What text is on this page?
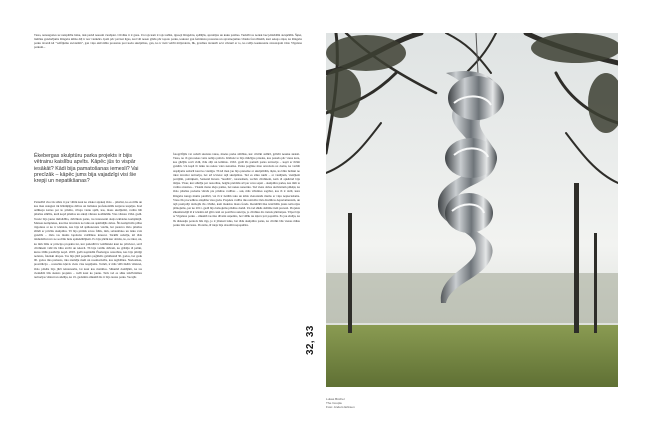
Tiesa, nenaugoties uz neizpētītu laiku, tiek parkā neesam viesāpiet. Cilvēku ir ir gana. Un tajs kam ir tajs tasīšai, ignoejt Ringebiu, spēlējās, aprunājas un kuku paldies. Turkšīt tas notiek bez jebkādām aizspēlēm. Šķiet, liešiāsu gandarījums Ringeba kūma dēļ ir nav vienkārs. Ipaši pēc pavisai ilgas, kad vēl nesen gāzās pār topolo parku, ieskatot gan feministu protestus un apvainojumus vīriešu favorītismā, kuri sekoja ziņai, ka Ringeba parku izveidi kā "velfājumu sievietēm", gan viņu aktivitāšu protestus pret kodu skulptūras, gan, ka ir tieši veltīti miljarderis, līk, grasīties izrakstīt sevi vēsturē ar to, ka radīja konkurentu slavenajam Oslo Vīgelana parkam...

Ēkebergas skulptūru parka projekts ir bijis vētrainu kaislību apvīts. Kāpēc jūs to vispār iesākāt? Kādi bija pamatošanas iemesli? Vai precīzāk – kāpēc jums bija vajadzīgi visi šie krepji un nepatikšanas?

Patiesībā visa šis stāsts ir par vēlmi kaut ko sāskot atpakaļ Oslo – pilsētai, ko es mīlu un kas man sniegusi tik brīnišķīgas dzīves un lieliskas profesionālās karjeras iespējas. Kad uzlūkoju kartes par šo pilsētu, vēroju vienu spēli, kas, mans skatījumā, varētu būt pilsētas stūrītis, kurā kopā pilsētas un atkaļi vēsture nozīmētāk. Visa vēsture 1964. gadā. Toreiz bija jauna mērsādība, dzīvākais parks, tas interesanti skaļa izklaides kompānijā. Mansas komplekss, kas tika izveidots no laika un apkārtējās dabas. Šīs komplicēts plāna tirgošana ar ko ir izklaide, kas bija kā spēkoiesters vairāk, bet pieteica Oslo pilsētas zīmēt ar privātu skulptūru. Tā bija pirmās savas frāžu, mēs, sabiedrisko un laika vaiz gandrīz – Oslo tas mums lapdrošu vairītākas interesi. Turklāt redzēju, kā tāda izkliedrētai nav ne sociālu lietu apmeklētājiem. Es bija pārāk kur dzirdu, šo, ne tikai, un, ka mēs būtu ar principa projektu tur, kur patiesībā ir iemītnieki kaut ko pārvietot, savā cilvēkiem vidē tās būtu atvērt un iekavā. Tā bija vairāk dzīvam, ka gribēju tā palikt, kuras tālāk pastāvēja kopā. 2003. gadā nopirkām Ēkebergas restorānu, kas bija pilnīgi nolaists, faktiski drupas. Tas bija jūrā populārs paģīdzils galdēsatnē 30. gados, bet gadu 90. gados tika pamests, tika ziemāju meži un noamortizēts, kas iegādāties. Narkotikas, prostitūcija – restorāns kļuvis vietu visu iespējams. Tomēr, ir mēs vēlā tikām vēsturei, Oslo pilsēta bija jūrā ieinteresēta, lai kaut kas mainītos. Sākumā domājām, ka tas vienkārši būs skaists projekts – radīt kaut ko jaunu. Taču tad es sāku izdzīvināties teritorijas vēsturi un atklāju, ka 19. gadsimta sākumā šis ir bija tautas parks. Vecajās

fotogrāfijās var redzēt skaistas takas, mazus parka stūrīšus, kur cilvēki atdūrā, gribēti nesaku skaisti. Tiesa, no tā gan nekas vairs nebija palicis. Kādreiz te bija milzīgas priedes, kas pazuda pēc viena kara, kas gāzījās savā vidū, tīdu zāļi un krūmus. 1963. gadā šīs pamatā parka teritoriju – kopā ar tīrām gaisām. Un kopā ār laiku tas nekas vairs nenotika. Parka pagātne man uzvedoša uz domu, ka varbūt atspējams uzdarīt kaut ko vienīgu. Tā kā man jau bija pieredze ar skulptūrām, šķita, ka būtu lieliski no tikai izveidot teritoriju, bet arī izvietot tajā skulptūras. Tad es sāku runāt – ar vietējiem, vietējiem partijām, politiķiem, Sarkanā Krusta "laurām", rotariešiem, vecām cilvēkiem, kam tā apkārtnē bija mājas. Visur, kur stāstīju par restorānu, beigās piebildu arī par savu sapni – skulptūru parku, kas mūr te varētu atrasties... Visiem mana ideja patika, bet nekas nenotika. Tad viens dabas aktivistiem pēkšņi, ka Oslo pilsētas padome vērsās pie pilsētas vadības – sak, mēs vēlamies sagrāut, kas tā ir darīt, kura Ringeba kungs mums piedāvā, vai tā ir tiešām taka un kāda vienošanās mums ar viņu nepieciešama. Visas šīs procedūras aizņēma visu gadu. Projekta vadība tika uzticēta Oslo Kultūras departamentam, un tajā pastiprāji darbojās tās cilvēki, kam makslas mana fonds. Rezultātā tika izstrādāts jauns teritorijas plānojums, par ko 2011. gadā bija balsojums pilsētas domē. Un tad sākās dažādie tieši protesti. Projekta sākumstadijā tā ir izlemta kā gūti centi uz pozitīvu reakciju, jo cilvēkus šis trešais pārmaiņas. Tāpat bija ar Vīgelana parku – sākumā tas tika dīvaini uzņemts, bet vēlāk tas kļuva ļoti populārs. Es jau zināju, ka līs diskusiju periods būs ilgs, jo ir jāraksti laiks, bet tādu skulptūru parks, ka cilvēki būs vienas mūsu parku būs sievietes. Protams, šī ideja bija absolūti nepopulāra.

32, 33
Lukas Büchel
The Couple
Foto: Anders Eriksen
